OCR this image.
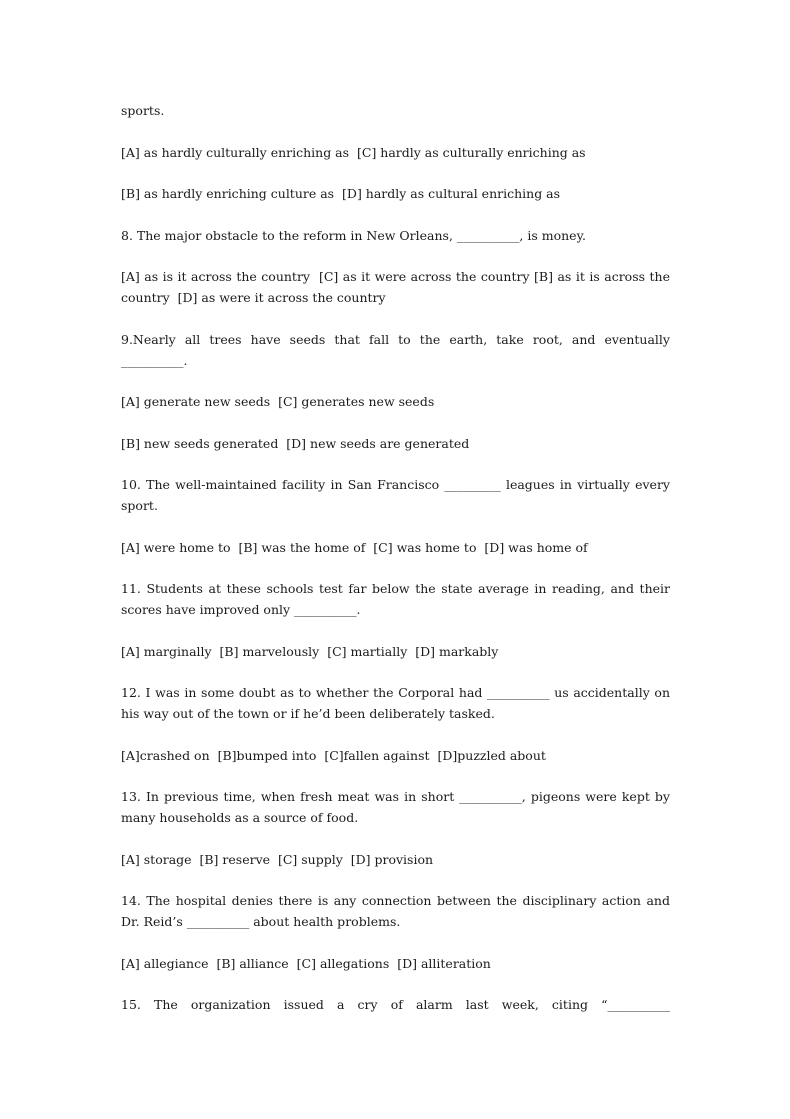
sports.

[A] as hardly culturally enriching as  [C] hardly as culturally enriching as

[B] as hardly enriching culture as  [D] hardly as cultural enriching as

8. The major obstacle to the reform in New Orleans, __________, is money.

[A] as is it across the country  [C] as it were across the country [B] as it is across the country  [D] as were it across the country

9.Nearly all trees have seeds that fall to the earth, take root, and eventually __________.

[A] generate new seeds  [C] generates new seeds

[B] new seeds generated  [D] new seeds are generated

10. The well-maintained facility in San Francisco _________ leagues in virtually every sport.

[A] were home to  [B] was the home of  [C] was home to  [D] was home of

11. Students at these schools test far below the state average in reading, and their scores have improved only __________.

[A] marginally  [B] marvelously  [C] martially  [D] markably

12. I was in some doubt as to whether the Corporal had __________ us accidentally on his way out of the town or if he’d been deliberately tasked.

[A]crashed on  [B]bumped into  [C]fallen against  [D]puzzled about

13. In previous time, when fresh meat was in short __________, pigeons were kept by many households as a source of food.

[A] storage  [B] reserve  [C] supply  [D] provision

14. The hospital denies there is any connection between the disciplinary action and Dr. Reid’s __________ about health problems.

[A] allegiance  [B] alliance  [C] allegations  [D] alliteration

15. The organization issued a cry of alarm last week, citing “__________
